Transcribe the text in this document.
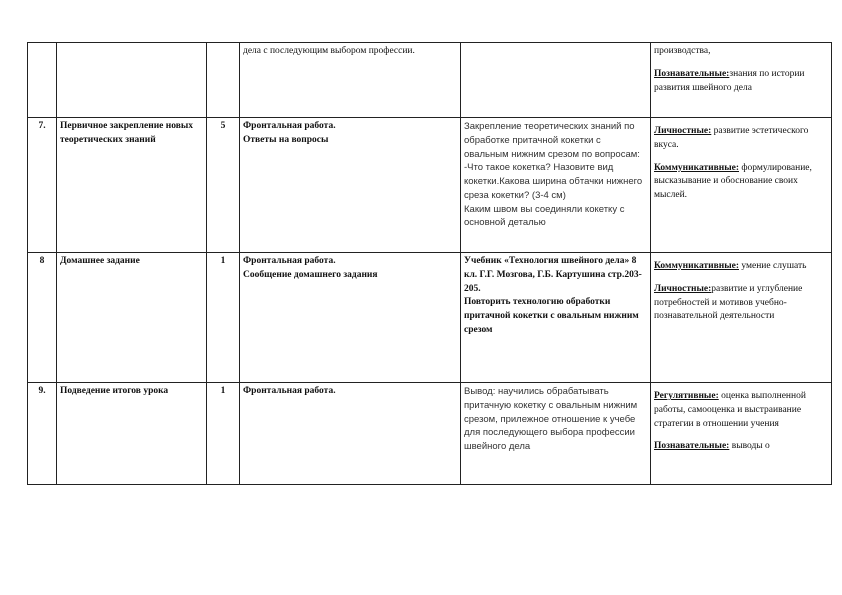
			дела с последующим выбором профессии.		производства,
Познавательные:знания по истории развития швейного дела

7.	Первичное закрепление новых теоретических знаний	5	Фронтальная работа.
Ответы на вопросы	Закрепление теоретических знаний по обработке притачной кокетки с овальным нижним срезом по вопросам: -Что такое кокетка? Назовите вид кокетки.Какова ширина обтачки нижнего среза кокетки? (3-4 см)
Каким швом вы соединяли кокетку с основной деталью	Личностные: развитие эстетического вкуса.
Коммуникативные: формулирование, высказывание и обоснование своих мыслей.

8	Домашнее задание	1	Фронтальная работа.
Сообщение домашнего задания	Учебник «Технология швейного дела» 8 кл. Г.Г. Мозгова, Г.Б. Картушина стр.203-205.
Повторить технологию обработки притачной кокетки с овальным нижним срезом	Коммуникативные: умение слушать
Личностные:развитие и углубление потребностей и мотивов учебно-познавательной деятельности

9.	Подведение итогов урока	1	Фронтальная работа.	Вывод: научились обрабатывать притачную кокетку с овальным нижним срезом, прилежное отношение к учебе для последующего выбора профессии швейного дела	Регулятивные: оценка выполненной работы, самооценка и выстраивание стратегии в отношении учения
Познавательные: выводы о
